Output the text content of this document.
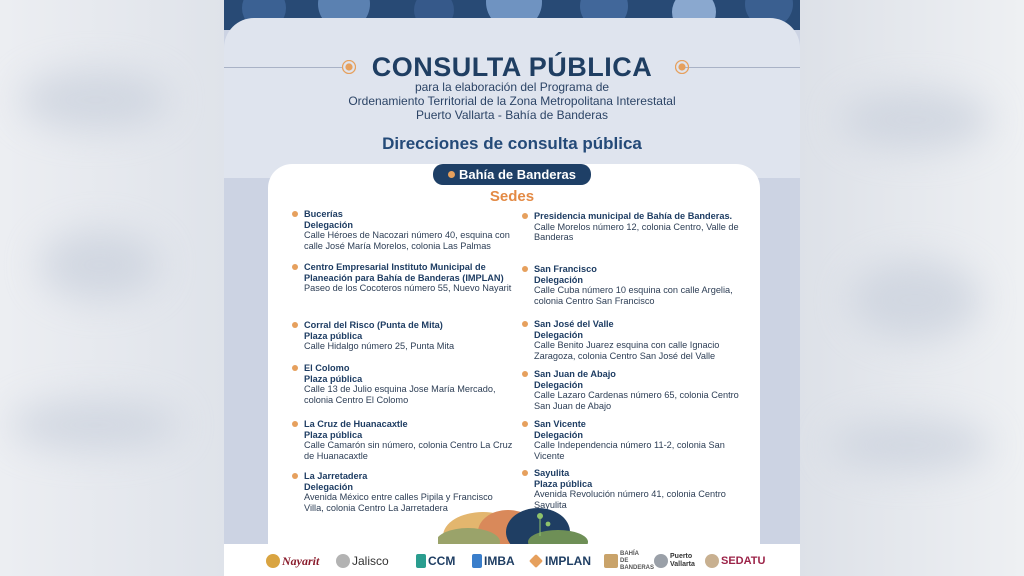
CONSULTA PÚBLICA
para la elaboración del Programa de
Ordenamiento Territorial de la Zona Metropolitana Interestatal
Puerto Vallarta - Bahía de Banderas
Direcciones de consulta pública
Bahía de Banderas
Sedes
Bucerías
Delegación
Calle Héroes de Nacozari número 40, esquina con calle José María Morelos, colonia Las Palmas
Centro Empresarial Instituto Municipal de Planeación para Bahía de Banderas (IMPLAN)
Paseo de los Cocoteros número 55, Nuevo Nayarit
Corral del Risco (Punta de Mita)
Plaza pública
Calle Hidalgo número 25, Punta Mita
El Colomo
Plaza pública
Calle 13 de Julio esquina Jose María Mercado, colonia Centro El Colomo
La Cruz de Huanacaxtle
Plaza pública
Calle Camarón sin número, colonia Centro La Cruz de Huanacaxtle
La Jarretadera
Delegación
Avenida México entre calles Pipila y Francisco Villa, colonia Centro La Jarretadera
Presidencia municipal de Bahía de Banderas.
Calle Morelos número 12, colonia Centro, Valle de Banderas
San Francisco
Delegación
Calle Cuba número 10 esquina con calle Argelia, colonia Centro San Francisco
San José del Valle
Delegación
Calle Benito Juarez esquina con calle Ignacio Zaragoza, colonia Centro San José del Valle
San Juan de Abajo
Delegación
Calle Lazaro Cardenas número 65, colonia Centro San Juan de Abajo
San Vicente
Delegación
Calle Independencia número 11-2, colonia San Vicente
Sayulita
Plaza pública
Avenida Revolución número 41, colonia Centro Sayulita
Nayarit	Jalisco	CCM IMBA	IMPLAN
BAHÍA DE BANDERAS
Puerto Vallarta SEDATU
